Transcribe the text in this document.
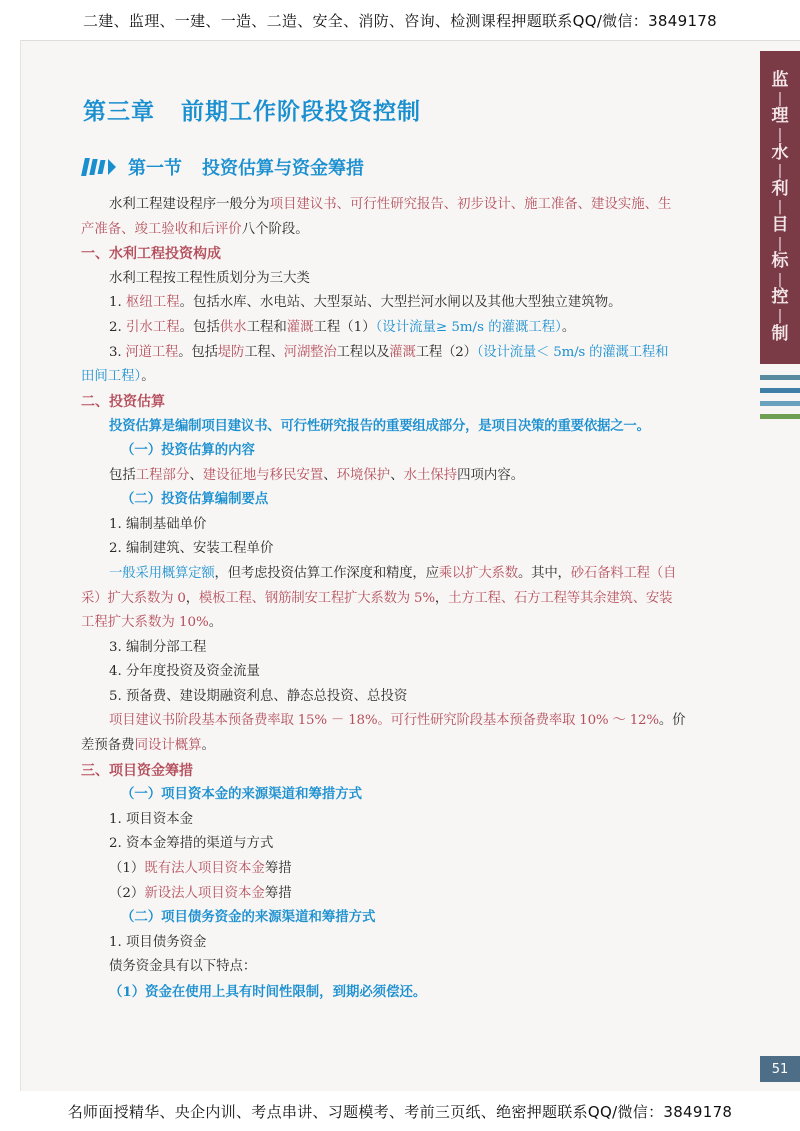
二建、监理、一建、一造、二造、安全、消防、咨询、检测课程押题联系QQ/微信：3849178
监
|
理
|
水
|
利
|
目
|
标
|
控
|
制
51
第三章 前期工作阶段投资控制
第一节 投资估算与资金筹措
水利工程建设程序一般分为项目建议书、可行性研究报告、初步设计、施工准备、建设实施、生
产准备、竣工验收和后评价八个阶段。
一、水利工程投资构成
水利工程按工程性质划分为三大类
1. 枢纽工程。包括水库、水电站、大型泵站、大型拦河水闸以及其他大型独立建筑物。
2. 引水工程。包括供水工程和灌溉工程（1）（设计流量≥ 5m/s 的灌溉工程）。
3. 河道工程。包括堤防工程、河湖整治工程以及灌溉工程（2）（设计流量＜ 5m/s 的灌溉工程和
田间工程）。
二、投资估算
投资估算是编制项目建议书、可行性研究报告的重要组成部分，是项目决策的重要依据之一。
（一）投资估算的内容
包括工程部分、建设征地与移民安置、环境保护、水土保持四项内容。
（二）投资估算编制要点
1. 编制基础单价
2. 编制建筑、安装工程单价
一般采用概算定额，但考虑投资估算工作深度和精度，应乘以扩大系数。其中，砂石备料工程（自
采）扩大系数为 0，模板工程、钢筋制安工程扩大系数为 5%，土方工程、石方工程等其余建筑、安装
工程扩大系数为 10%。
3. 编制分部工程
4. 分年度投资及资金流量
5. 预备费、建设期融资利息、静态总投资、总投资
项目建议书阶段基本预备费率取 15% － 18%。可行性研究阶段基本预备费率取 10% ～ 12%。价
差预备费同设计概算。
三、项目资金筹措
（一）项目资本金的来源渠道和筹措方式
1. 项目资本金
2. 资本金筹措的渠道与方式
（1）既有法人项目资本金筹措
（2）新设法人项目资本金筹措
（二）项目债务资金的来源渠道和筹措方式
1. 项目债务资金
债务资金具有以下特点：
（1）资金在使用上具有时间性限制，到期必须偿还。
名师面授精华、央企内训、考点串讲、习题模考、考前三页纸、绝密押题联系QQ/微信：3849178
